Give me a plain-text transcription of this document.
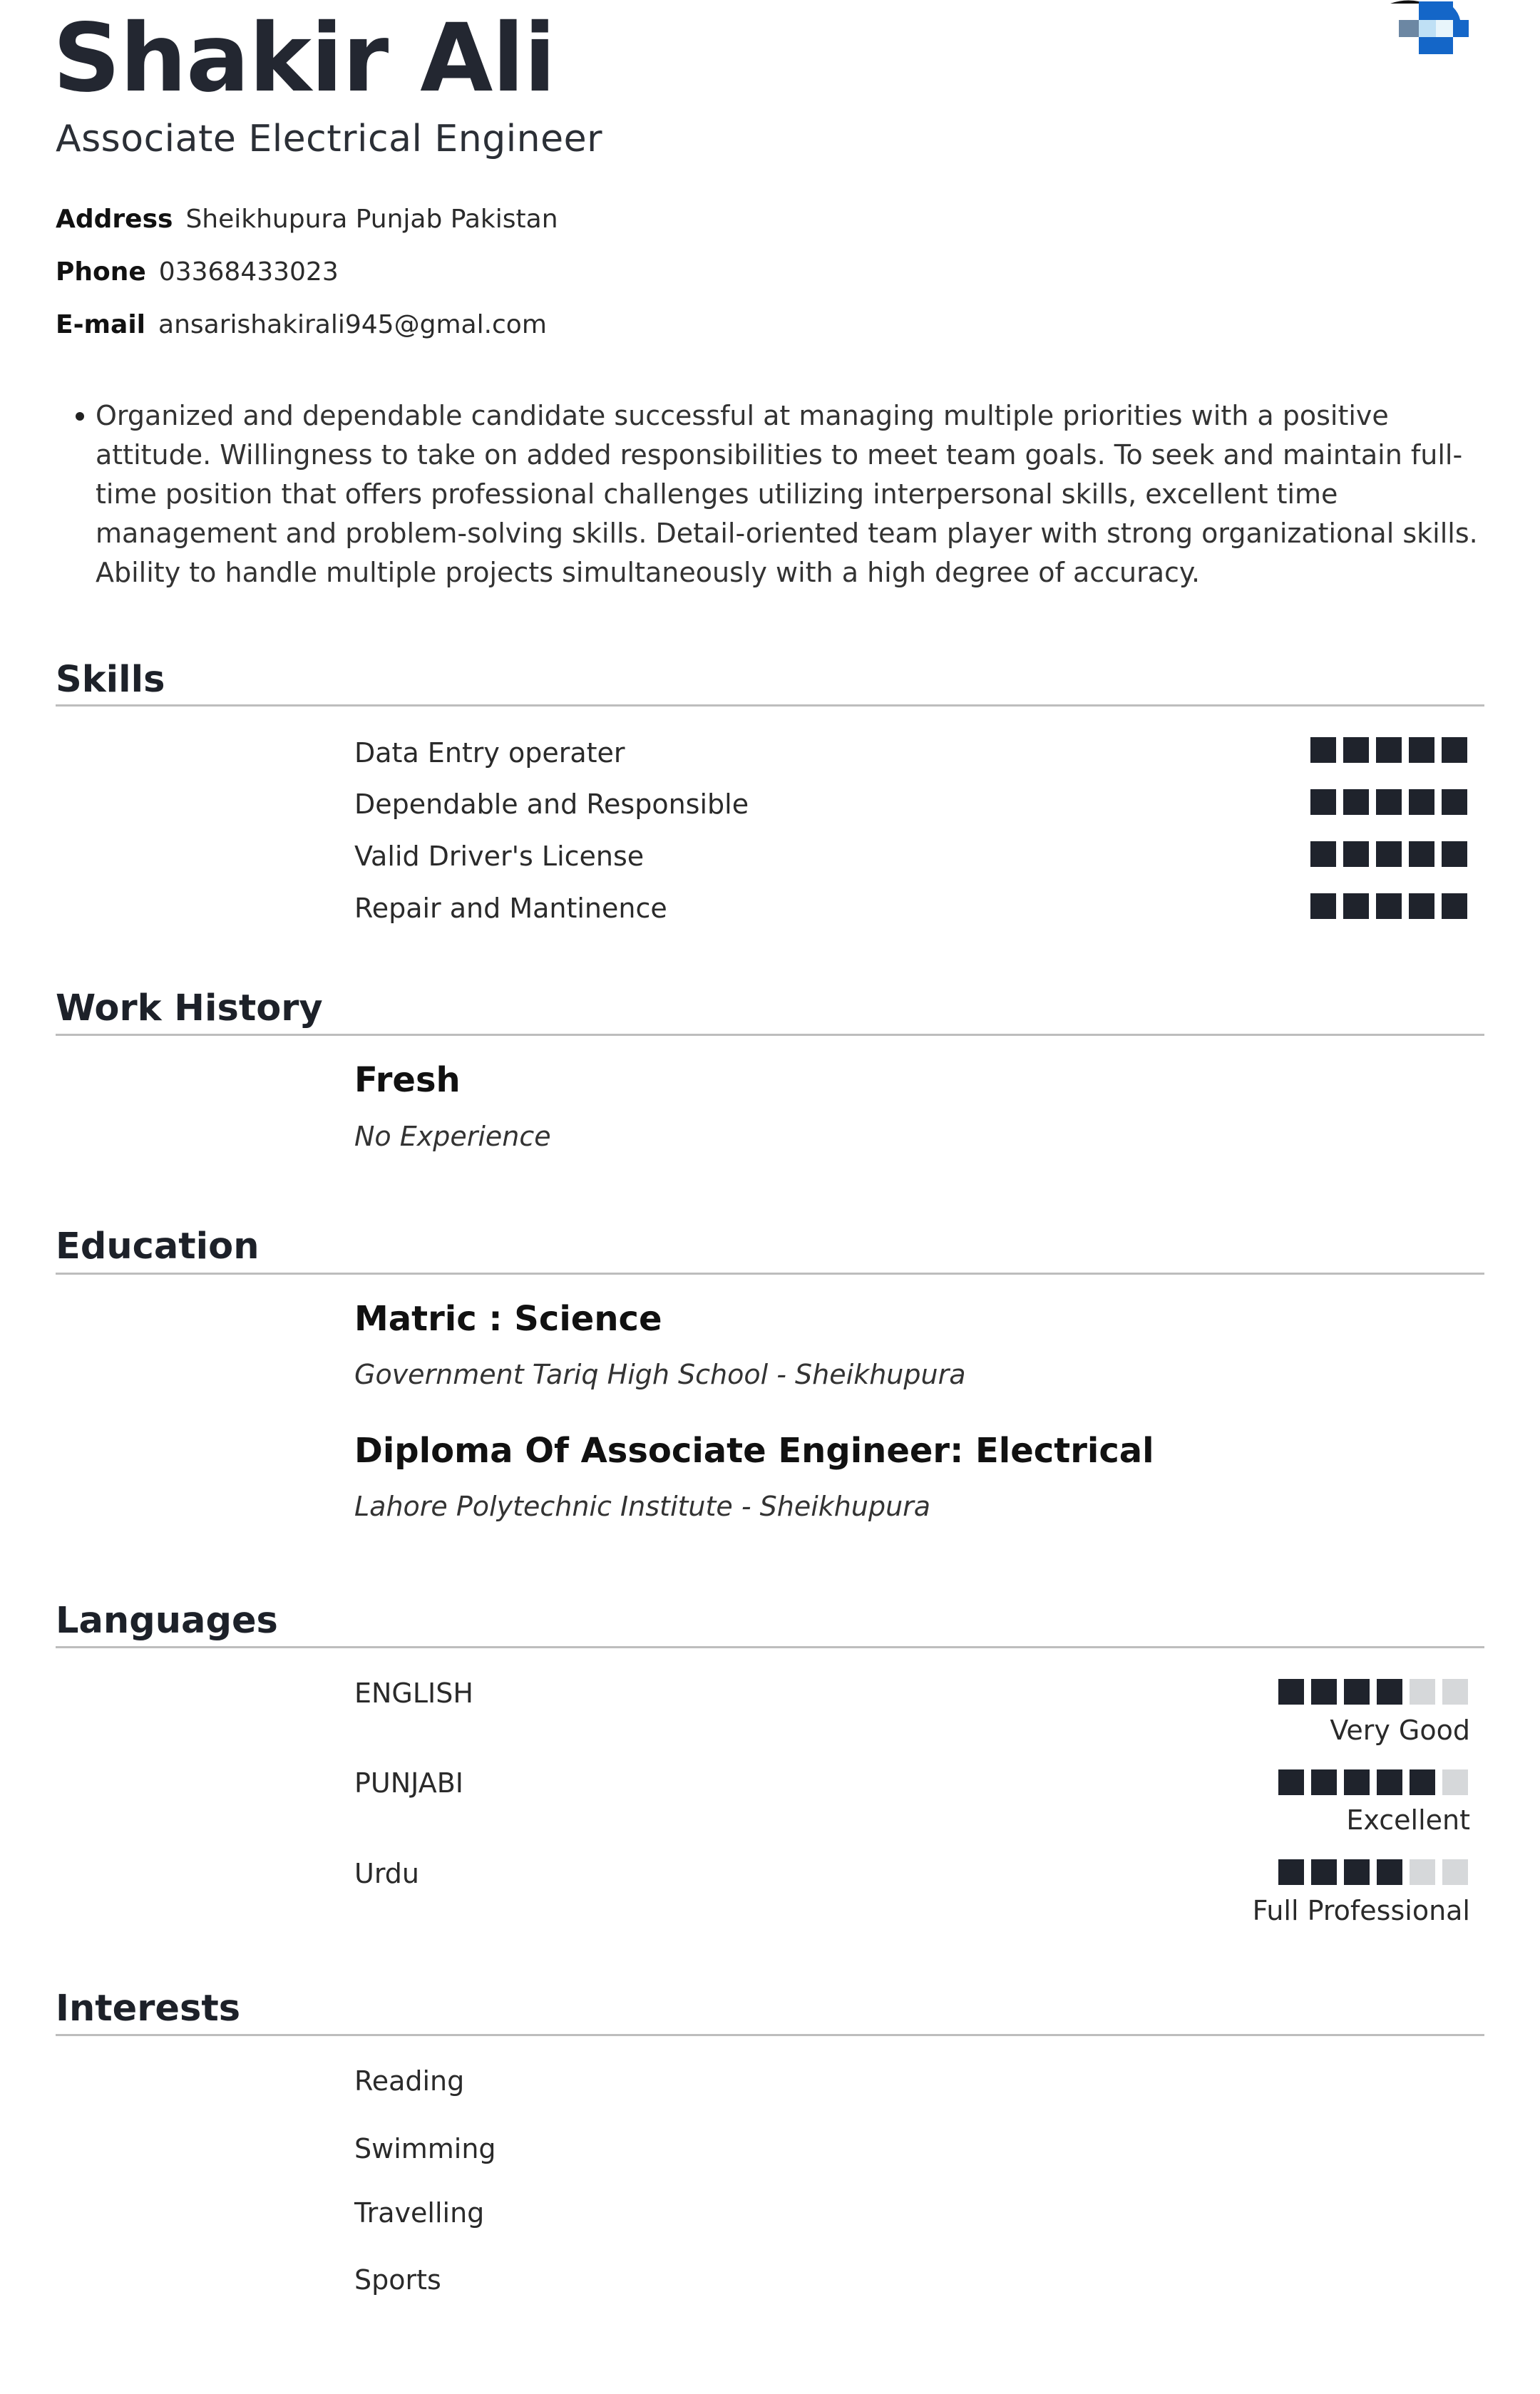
Shakir Ali
Associate Electrical Engineer
Address Sheikhupura Punjab Pakistan
Phone 03368433023
E-mail ansarishakirali945@gmal.com
Organized and dependable candidate successful at managing multiple priorities with a positive attitude. Willingness to take on added responsibilities to meet team goals. To seek and maintain full-time position that offers professional challenges utilizing interpersonal skills, excellent time management and problem-solving skills. Detail-oriented team player with strong organizational skills. Ability to handle multiple projects simultaneously with a high degree of accuracy.
Skills
Data Entry operater
Dependable and Responsible
Valid Driver's License
Repair and Mantinence
Work History
Fresh
No Experience
Education
Matric : Science
Government Tariq High School - Sheikhupura
Diploma Of Associate Engineer: Electrical
Lahore Polytechnic Institute - Sheikhupura
Languages
ENGLISH
Very Good
PUNJABI
Excellent
Urdu
Full Professional
Interests
Reading
Swimming
Travelling
Sports
